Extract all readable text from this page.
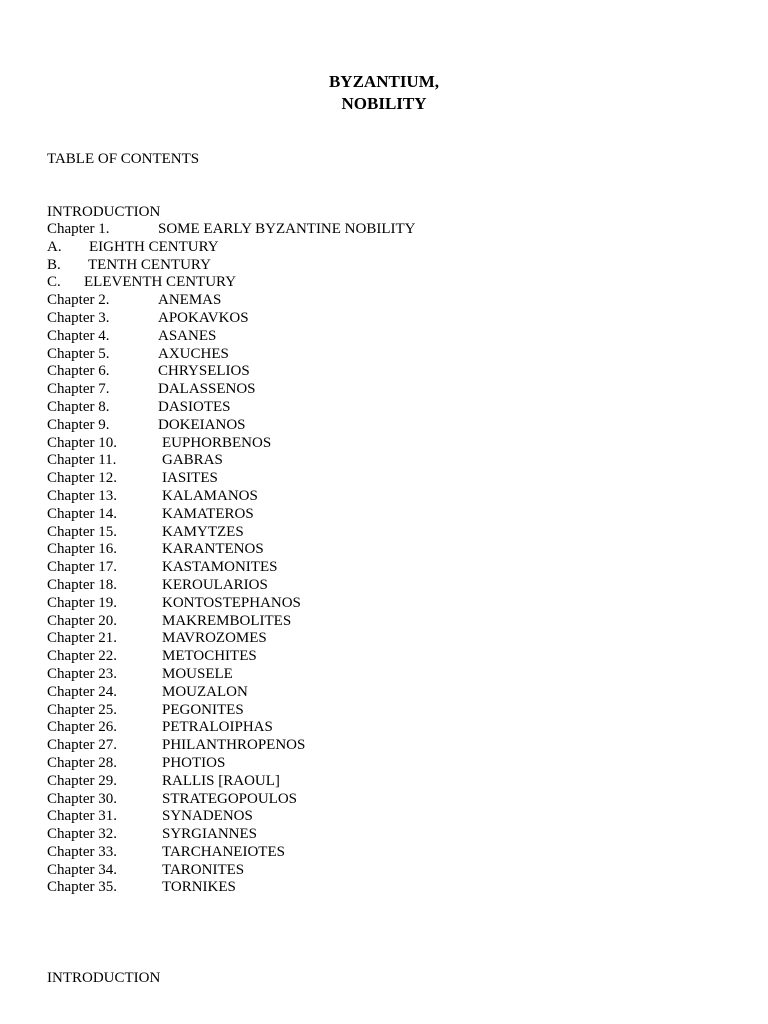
BYZANTIUM,
NOBILITY
TABLE OF CONTENTS
INTRODUCTION
Chapter 1.	SOME EARLY BYZANTINE NOBILITY
A. EIGHTH CENTURY
B. TENTH CENTURY
C. ELEVENTH CENTURY
Chapter 2.	ANEMAS
Chapter 3.	APOKAVKOS
Chapter 4.	ASANES
Chapter 5.	AXUCHES
Chapter 6.	CHRYSELIOS
Chapter 7.	DALASSENOS
Chapter 8.	DASIOTES
Chapter 9.	DOKEIANOS
Chapter 10.	EUPHORBENOS
Chapter 11.	GABRAS
Chapter 12.	IASITES
Chapter 13.	KALAMANOS
Chapter 14.	KAMATEROS
Chapter 15.	KAMYTZES
Chapter 16.	KARANTENOS
Chapter 17.	KASTAMONITES
Chapter 18.	KEROULARIOS
Chapter 19.	KONTOSTEPHANOS
Chapter 20.	MAKREMBOLITES
Chapter 21.	MAVROZOMES
Chapter 22.	METOCHITES
Chapter 23.	MOUSELE
Chapter 24.	MOUZALON
Chapter 25.	PEGONITES
Chapter 26.	PETRALOIPHAS
Chapter 27.	PHILANTHROPENOS
Chapter 28.	PHOTIOS
Chapter 29.	RALLIS [RAOUL]
Chapter 30.	STRATEGOPOULOS
Chapter 31.	SYNADENOS
Chapter 32.	SYRGIANNES
Chapter 33.	TARCHANEIOTES
Chapter 34.	TARONITES
Chapter 35.	TORNIKES
INTRODUCTION
